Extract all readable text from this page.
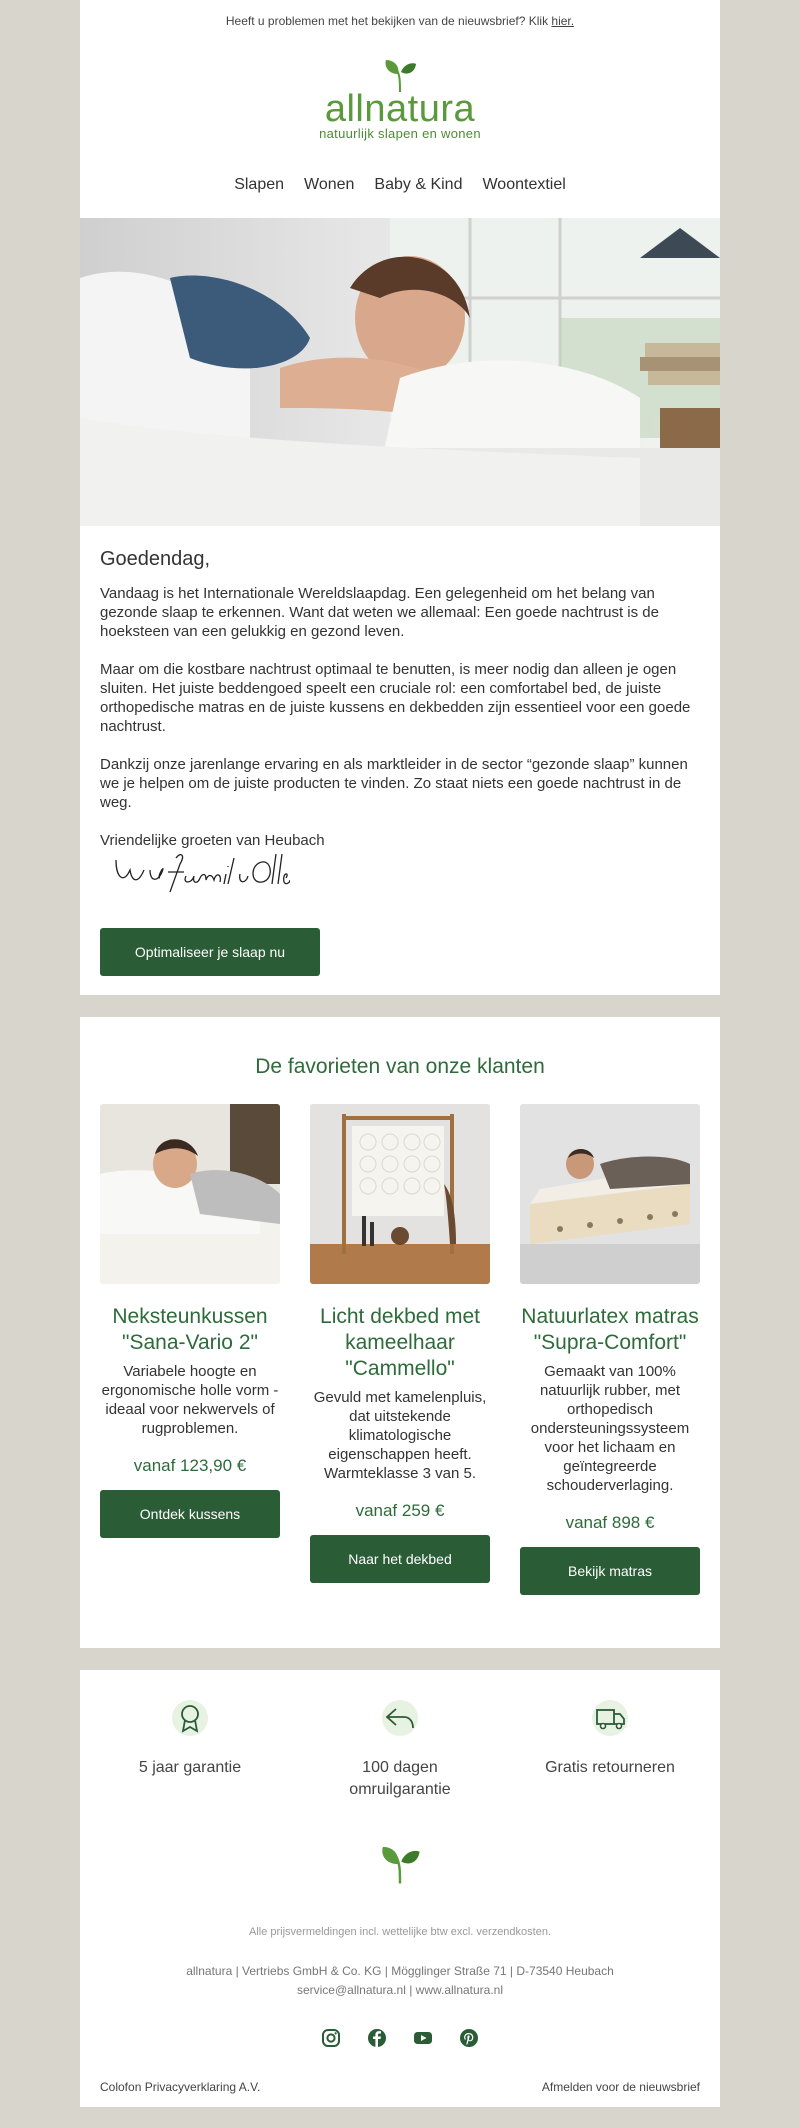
Heeft u problemen met het bekijken van de nieuwsbrief? Klik hier.
allnatura
natuurlijk slapen en wonen
Slapen Wonen Baby & Kind Woontextiel
Goedendag,
Vandaag is het Internationale Wereldslaapdag. Een gelegenheid om het belang van gezonde slaap te erkennen. Want dat weten we allemaal: Een goede nachtrust is de hoeksteen van een gelukkig en gezond leven.
Maar om die kostbare nachtrust optimaal te benutten, is meer nodig dan alleen je ogen sluiten. Het juiste beddengoed speelt een cruciale rol: een comfortabel bed, de juiste orthopedische matras en de juiste kussens en dekbedden zijn essentieel voor een goede nachtrust.
Dankzij onze jarenlange ervaring en als marktleider in de sector “gezonde slaap” kunnen we je helpen om de juiste producten te vinden. Zo staat niets een goede nachtrust in de weg.
Vriendelijke groeten van Heubach
Optimaliseer je slaap nu
De favorieten van onze klanten
Neksteunkussen "Sana-Vario 2"
Variabele hoogte en ergonomische holle vorm - ideaal voor nekwervels of rugproblemen.
vanaf 123,90 €
Ontdek kussens
Licht dekbed met kameelhaar "Cammello"
Gevuld met kamelenpluis, dat uitstekende klimatologische eigenschappen heeft. Warmteklasse 3 van 5.
vanaf 259 €
Naar het dekbed
Natuurlatex matras "Supra-Comfort"
Gemaakt van 100% natuurlijk rubber, met orthopedisch ondersteuningssysteem voor het lichaam en geïntegreerde schouderverlaging.
vanaf 898 €
Bekijk matras
5 jaar garantie	100 dagen omruilgarantie
Gratis retourneren
Alle prijsvermeldingen incl. wettelijke btw excl. verzendkosten.
allnatura | Vertriebs GmbH & Co. KG | Mögglinger Straße 71 | D-73540 Heubach
service@allnatura.nl | www.allnatura.nl
Colofon Privacyverklaring A.V.	Afmelden voor de nieuwsbrief
